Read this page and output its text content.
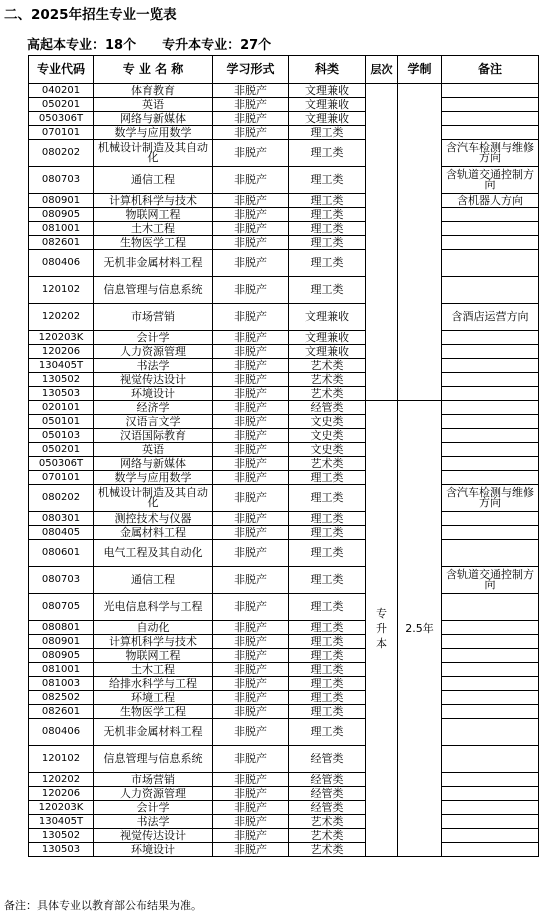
二、2025年招生专业一览表
高起本专业：18个 专升本专业：27个
专业代码	专 业 名 称	学习形式	科类	层次	学制	备注
040201	体育教育	非脱产	文理兼收			
050201	英语	非脱产	文理兼收			
050306T	网络与新媒体	非脱产	文理兼收			
070101	数学与应用数学	非脱产	理工类			
080202	机械设计制造及其自动化	非脱产	理工类			含汽车检测与维修方向
080703	通信工程	非脱产	理工类			含轨道交通控制方向
080901	计算机科学与技术	非脱产	理工类			含机器人方向
080905	物联网工程	非脱产	理工类			
081001	土木工程	非脱产	理工类			
082601	生物医学工程	非脱产	理工类			
080406	无机非金属材料工程	非脱产	理工类			
120102	信息管理与信息系统	非脱产	理工类			
120202	市场营销	非脱产	文理兼收			含酒店运营方向
120203K	会计学	非脱产	文理兼收			
120206	人力资源管理	非脱产	文理兼收			
130405T	书法学	非脱产	艺术类			
130502	视觉传达设计	非脱产	艺术类			
130503	环境设计	非脱产	艺术类			
020101	经济学	非脱产	经管类	专升本	2.5年	
050101	汉语言文学	非脱产	文史类			
050103	汉语国际教育	非脱产	文史类			
050201	英语	非脱产	文史类			
050306T	网络与新媒体	非脱产	艺术类			
070101	数学与应用数学	非脱产	理工类			
080202	机械设计制造及其自动化	非脱产	理工类			含汽车检测与维修方向
080301	测控技术与仪器	非脱产	理工类			
080405	金属材料工程	非脱产	理工类			
080601	电气工程及其自动化	非脱产	理工类			
080703	通信工程	非脱产	理工类			含轨道交通控制方向
080705	光电信息科学与工程	非脱产	理工类			
080801	自动化	非脱产	理工类			
080901	计算机科学与技术	非脱产	理工类			
080905	物联网工程	非脱产	理工类			
081001	土木工程	非脱产	理工类			
081003	给排水科学与工程	非脱产	理工类			
082502	环境工程	非脱产	理工类			
082601	生物医学工程	非脱产	理工类			
080406	无机非金属材料工程	非脱产	理工类			
120102	信息管理与信息系统	非脱产	经管类			
120202	市场营销	非脱产	经管类			
120206	人力资源管理	非脱产	经管类			
120203K	会计学	非脱产	经管类			
130405T	书法学	非脱产	艺术类			
130502	视觉传达设计	非脱产	艺术类			
130503	环境设计	非脱产	艺术类			
备注：具体专业以教育部公布结果为准。
